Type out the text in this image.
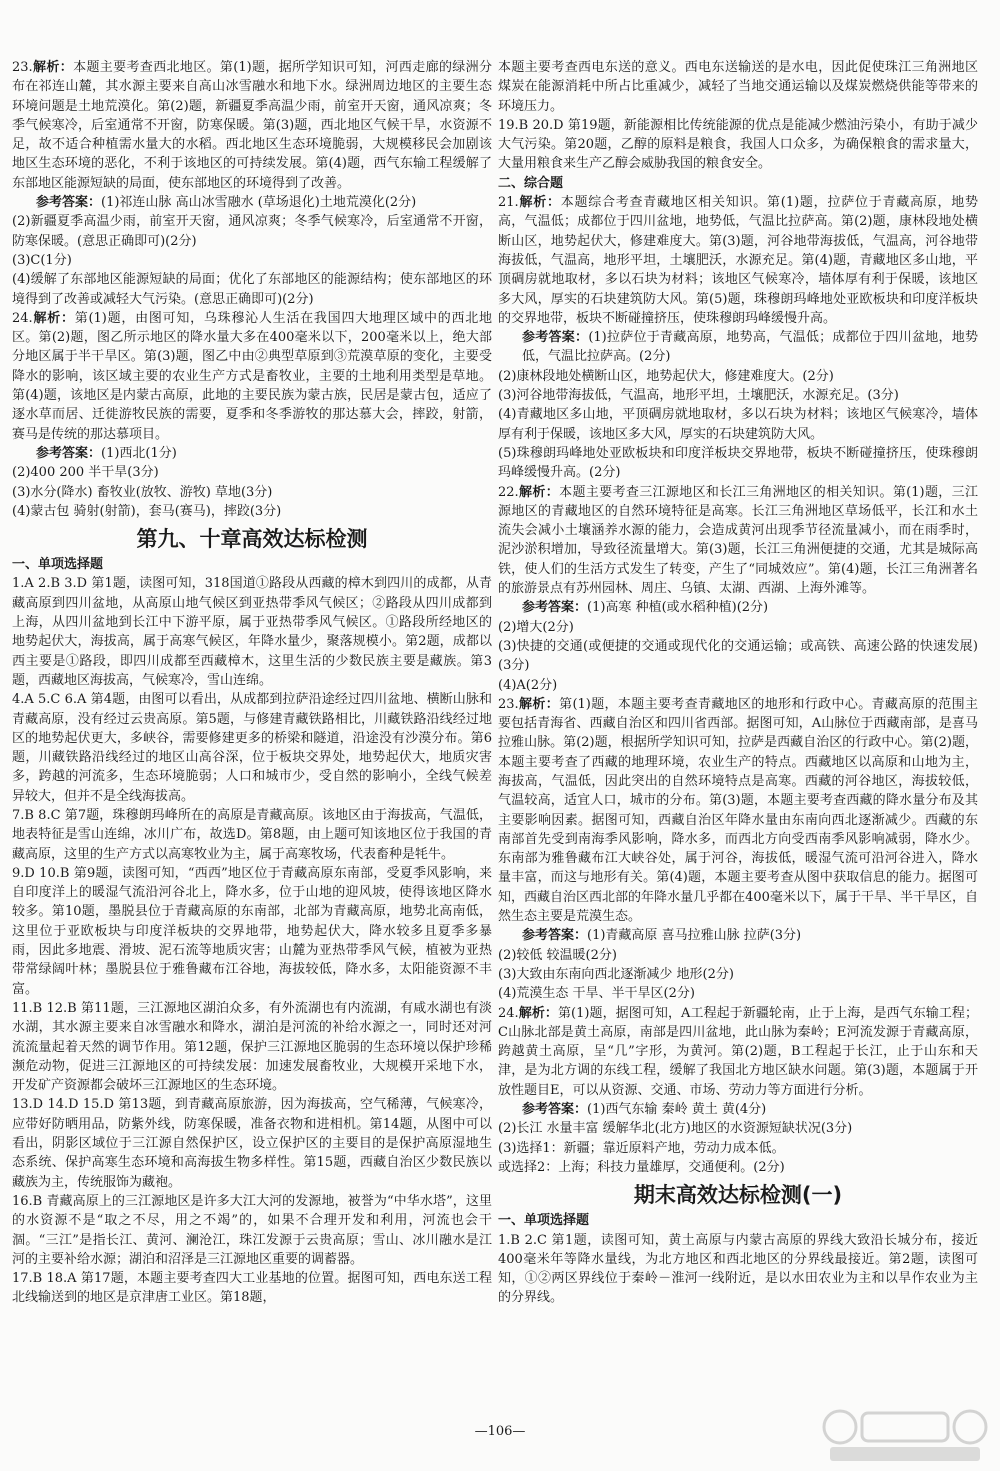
23.解析：本题主要考查西北地区。第(1)题，据所学知识可知，河西走廊的绿洲分布在祁连山麓，其水源主要来自高山冰雪融水和地下水。绿洲周边地区的主要生态环境问题是土地荒漠化。第(2)题，新疆夏季高温少雨，前室开天窗，通风凉爽；冬季气候寒冷，后室通常不开窗，防寒保暖。第(3)题，西北地区气候干旱，水资源不足，故不适合种植需水量大的水稻。西北地区生态环境脆弱，大规模移民会加剧该地区生态环境的恶化，不利于该地区的可持续发展。第(4)题，西气东输工程缓解了东部地区能源短缺的局面，使东部地区的环境得到了改善。

参考答案：(1)祁连山脉 高山冰雪融水 (草场退化)土地荒漠化(2分)

(2)新疆夏季高温少雨，前室开天窗，通风凉爽；冬季气候寒冷，后室通常不开窗，防寒保暖。(意思正确即可)(2分)

(3)C(1分)

(4)缓解了东部地区能源短缺的局面；优化了东部地区的能源结构；使东部地区的环境得到了改善或减轻大气污染。(意思正确即可)(2分)

24.解析：第(1)题，由图可知，乌珠穆沁人生活在我国四大地理区域中的西北地区。第(2)题，图乙所示地区的降水量大多在400毫米以下，200毫米以上，绝大部分地区属于半干旱区。第(3)题，图乙中由②典型草原到③荒漠草原的变化，主要受降水的影响，该区域主要的农业生产方式是畜牧业，主要的土地利用类型是草地。第(4)题，该地区是内蒙古高原，此地的主要民族为蒙古族，民居是蒙古包，适应了逐水草而居、迁徙游牧民族的需要，夏季和冬季游牧的那达慕大会，摔跤，射箭，赛马是传统的那达慕项目。

参考答案：(1)西北(1分)

(2)400 200 半干旱(3分)

(3)水分(降水) 畜牧业(放牧、游牧) 草地(3分)

(4)蒙古包 骑射(射箭)，套马(赛马)，摔跤(3分)

第九、十章高效达标检测

一、单项选择题

1.A 2.B 3.D 第1题，读图可知，318国道①路段从西藏的樟木到四川的成都，从青藏高原到四川盆地，从高原山地气候区到亚热带季风气候区；②路段从四川成都到上海，从四川盆地到长江中下游平原，属于亚热带季风气候区。①路段所经地区的地势起伏大，海拔高，属于高寒气候区，年降水量少，聚落规模小。第2题，成都以西主要是①路段，即四川成都至西藏樟木，这里生活的少数民族主要是藏族。第3题，西藏地区海拔高，气候寒冷，雪山连绵。

4.A 5.C 6.A 第4题，由图可以看出，从成都到拉萨沿途经过四川盆地、横断山脉和青藏高原，没有经过云贵高原。第5题，与修建青藏铁路相比，川藏铁路沿线经过地区的地势起伏更大，多峡谷，需要修建更多的桥梁和隧道，沿途没有沙漠分布。第6题，川藏铁路沿线经过的地区山高谷深，位于板块交界处，地势起伏大，地质灾害多，跨越的河流多，生态环境脆弱；人口和城市少，受自然的影响小，全线气候差异较大，但并不是全线海拔高。

7.B 8.C 第7题，珠穆朗玛峰所在的高原是青藏高原。该地区由于海拔高，气温低，地表特征是雪山连绵，冰川广布，故选D。第8题，由上题可知该地区位于我国的青藏高原，这里的生产方式以高寒牧业为主，属于高寒牧场，代表畜种是牦牛。

9.D 10.B 第9题，读图可知，“西西”地区位于青藏高原东南部，受夏季风影响，来自印度洋上的暖湿气流沿河谷北上，降水多，位于山地的迎风坡，使得该地区降水较多。第10题，墨脱县位于青藏高原的东南部，北部为青藏高原，地势北高南低，这里位于亚欧板块与印度洋板块的交界地带，地势起伏大，降水较多且夏季多暴雨，因此多地震、滑坡、泥石流等地质灾害；山麓为亚热带季风气候，植被为亚热带常绿阔叶林；墨脱县位于雅鲁藏布江谷地，海拔较低，降水多，太阳能资源不丰富。

11.B 12.B 第11题，三江源地区湖泊众多，有外流湖也有内流湖，有咸水湖也有淡水湖，其水源主要来自冰雪融水和降水，湖泊是河流的补给水源之一，同时还对河流流量起着天然的调节作用。第12题，保护三江源地区脆弱的生态环境以保护珍稀濒危动物，促进三江源地区的可持续发展：加速发展畜牧业，大规模开采地下水，开发矿产资源都会破坏三江源地区的生态环境。

13.D 14.D 15.D 第13题，到青藏高原旅游，因为海拔高，空气稀薄，气候寒冷，应带好防晒用品，防紫外线，防寒保暖，准备衣物和进相机。第14题，从图中可以看出，阴影区域位于三江源自然保护区，设立保护区的主要目的是保护高原湿地生态系统、保护高寒生态环境和高海拔生物多样性。第15题，西藏自治区少数民族以藏族为主，传统服饰为藏袍。

16.B 青藏高原上的三江源地区是许多大江大河的发源地，被誉为“中华水塔”，这里的水资源不是“取之不尽，用之不竭”的，如果不合理开发和利用，河流也会干涸。“三江”是指长江、黄河、澜沧江，珠江发源于云贵高原；雪山、冰川融水是江河的主要补给水源；湖泊和沼泽是三江源地区重要的调蓄器。

17.B 18.A 第17题，本题主要考查四大工业基地的位置。据图可知，西电东送工程北线输送到的地区是京津唐工业区。第18题，

本题主要考查西电东送的意义。西电东送输送的是水电，因此促使珠江三角洲地区煤炭在能源消耗中所占比重减少，减轻了当地交通运输以及煤炭燃烧供能等带来的环境压力。

19.B 20.D 第19题，新能源相比传统能源的优点是能减少燃油污染小，有助于减少大气污染。第20题，乙醇的原料是粮食，我国人口众多，为确保粮食的需求量大，大量用粮食来生产乙醇会威胁我国的粮食安全。

二、综合题

21.解析：本题综合考查青藏地区相关知识。第(1)题，拉萨位于青藏高原，地势高，气温低；成都位于四川盆地，地势低，气温比拉萨高。第(2)题，康林段地处横断山区，地势起伏大，修建难度大。第(3)题，河谷地带海拔低，气温高，河谷地带海拔低，气温高，地形平坦，土壤肥沃，水源充足。第(4)题，青藏地区多山地，平顶碉房就地取材，多以石块为材料；该地区气候寒冷，墙体厚有利于保暖，该地区多大风，厚实的石块建筑防大风。第(5)题，珠穆朗玛峰地处亚欧板块和印度洋板块的交界地带，板块不断碰撞挤压，使珠穆朗玛峰缓慢升高。

参考答案：(1)拉萨位于青藏高原，地势高，气温低；成都位于四川盆地，地势低，气温比拉萨高。(2分)

(2)康林段地处横断山区，地势起伏大，修建难度大。(2分)

(3)河谷地带海拔低，气温高，地形平坦，土壤肥沃，水源充足。(3分)

(4)青藏地区多山地，平顶碉房就地取材，多以石块为材料；该地区气候寒冷，墙体厚有利于保暖，该地区多大风，厚实的石块建筑防大风。

(5)珠穆朗玛峰地处亚欧板块和印度洋板块交界地带，板块不断碰撞挤压，使珠穆朗玛峰缓慢升高。(2分)

22.解析：本题主要考查三江源地区和长江三角洲地区的相关知识。第(1)题，三江源地区的青藏地区的自然环境特征是高寒。长江三角洲地区草场低平，长江和水土流失会减小土壤涵养水源的能力，会造成黄河出现季节径流量减小，而在雨季时，泥沙淤积增加，导致径流量增大。第(3)题，长江三角洲便捷的交通，尤其是城际高铁，使人们的生活方式发生了转变，产生了“同城效应”。第(4)题，长江三角洲著名的旅游景点有苏州园林、周庄、乌镇、太湖、西湖、上海外滩等。

参考答案：(1)高寒 种植(或水稻种植)(2分)

(2)增大(2分)

(3)快捷的交通(或便捷的交通或现代化的交通运输；或高铁、高速公路的快速发展)(3分)

(4)A(2分)

23.解析：第(1)题，本题主要考查青藏地区的地形和行政中心。青藏高原的范围主要包括青海省、西藏自治区和四川省西部。据图可知，A山脉位于西藏南部，是喜马拉雅山脉。第(2)题，根据所学知识可知，拉萨是西藏自治区的行政中心。第(2)题，本题主要考查了西藏的地理环境，农业生产的特点。西藏地区以高原和山地为主，海拔高，气温低，因此突出的自然环境特点是高寒。西藏的河谷地区，海拔较低，气温较高，适宜人口，城市的分布。第(3)题，本题主要考查西藏的降水量分布及其主要影响因素。据图可知，西藏自治区年降水量由东南向西北逐渐减少。西藏的东南部首先受到南海季风影响，降水多，而西北方向受西南季风影响减弱，降水少。东南部为雅鲁藏布江大峡谷处，属于河谷，海拔低，暖湿气流可沿河谷进入，降水量丰富，而这与地形有关。第(4)题，本题主要考查从图中获取信息的能力。据图可知，西藏自治区西北部的年降水量几乎都在400毫米以下，属于干旱、半干旱区，自然生态主要是荒漠生态。

参考答案：(1)青藏高原 喜马拉雅山脉 拉萨(3分)

(2)较低 较温暖(2分)

(3)大致由东南向西北逐渐减少 地形(2分)

(4)荒漠生态 干旱、半干旱区(2分)

24.解析：第(1)题，据图可知，A工程起于新疆轮南，止于上海，是西气东输工程；C山脉北部是黄土高原，南部是四川盆地，此山脉为秦岭；E河流发源于青藏高原，跨越黄土高原，呈“几”字形，为黄河。第(2)题，B工程起于长江，止于山东和天津，是为北方调的东线工程，缓解了我国北方地区缺水问题。第(3)题，本题属于开放性题目E，可以从资源、交通、市场、劳动力等方面进行分析。

参考答案：(1)西气东输 秦岭 黄土 黄(4分)

(2)长江 水量丰富 缓解华北(北方)地区的水资源短缺状况(3分)

(3)选择1：新疆；靠近原料产地，劳动力成本低。

或选择2：上海；科技力量雄厚，交通便利。(2分)

期末高效达标检测(一)

一、单项选择题

1.B 2.C 第1题，读图可知，黄土高原与内蒙古高原的界线大致沿长城分布，接近400毫米年等降水量线，为北方地区和西北地区的分界线最接近。第2题，读图可知，①②两区界线位于秦岭－淮河一线附近，是以水田农业为主和以旱作农业为主的分界线。

—106—
